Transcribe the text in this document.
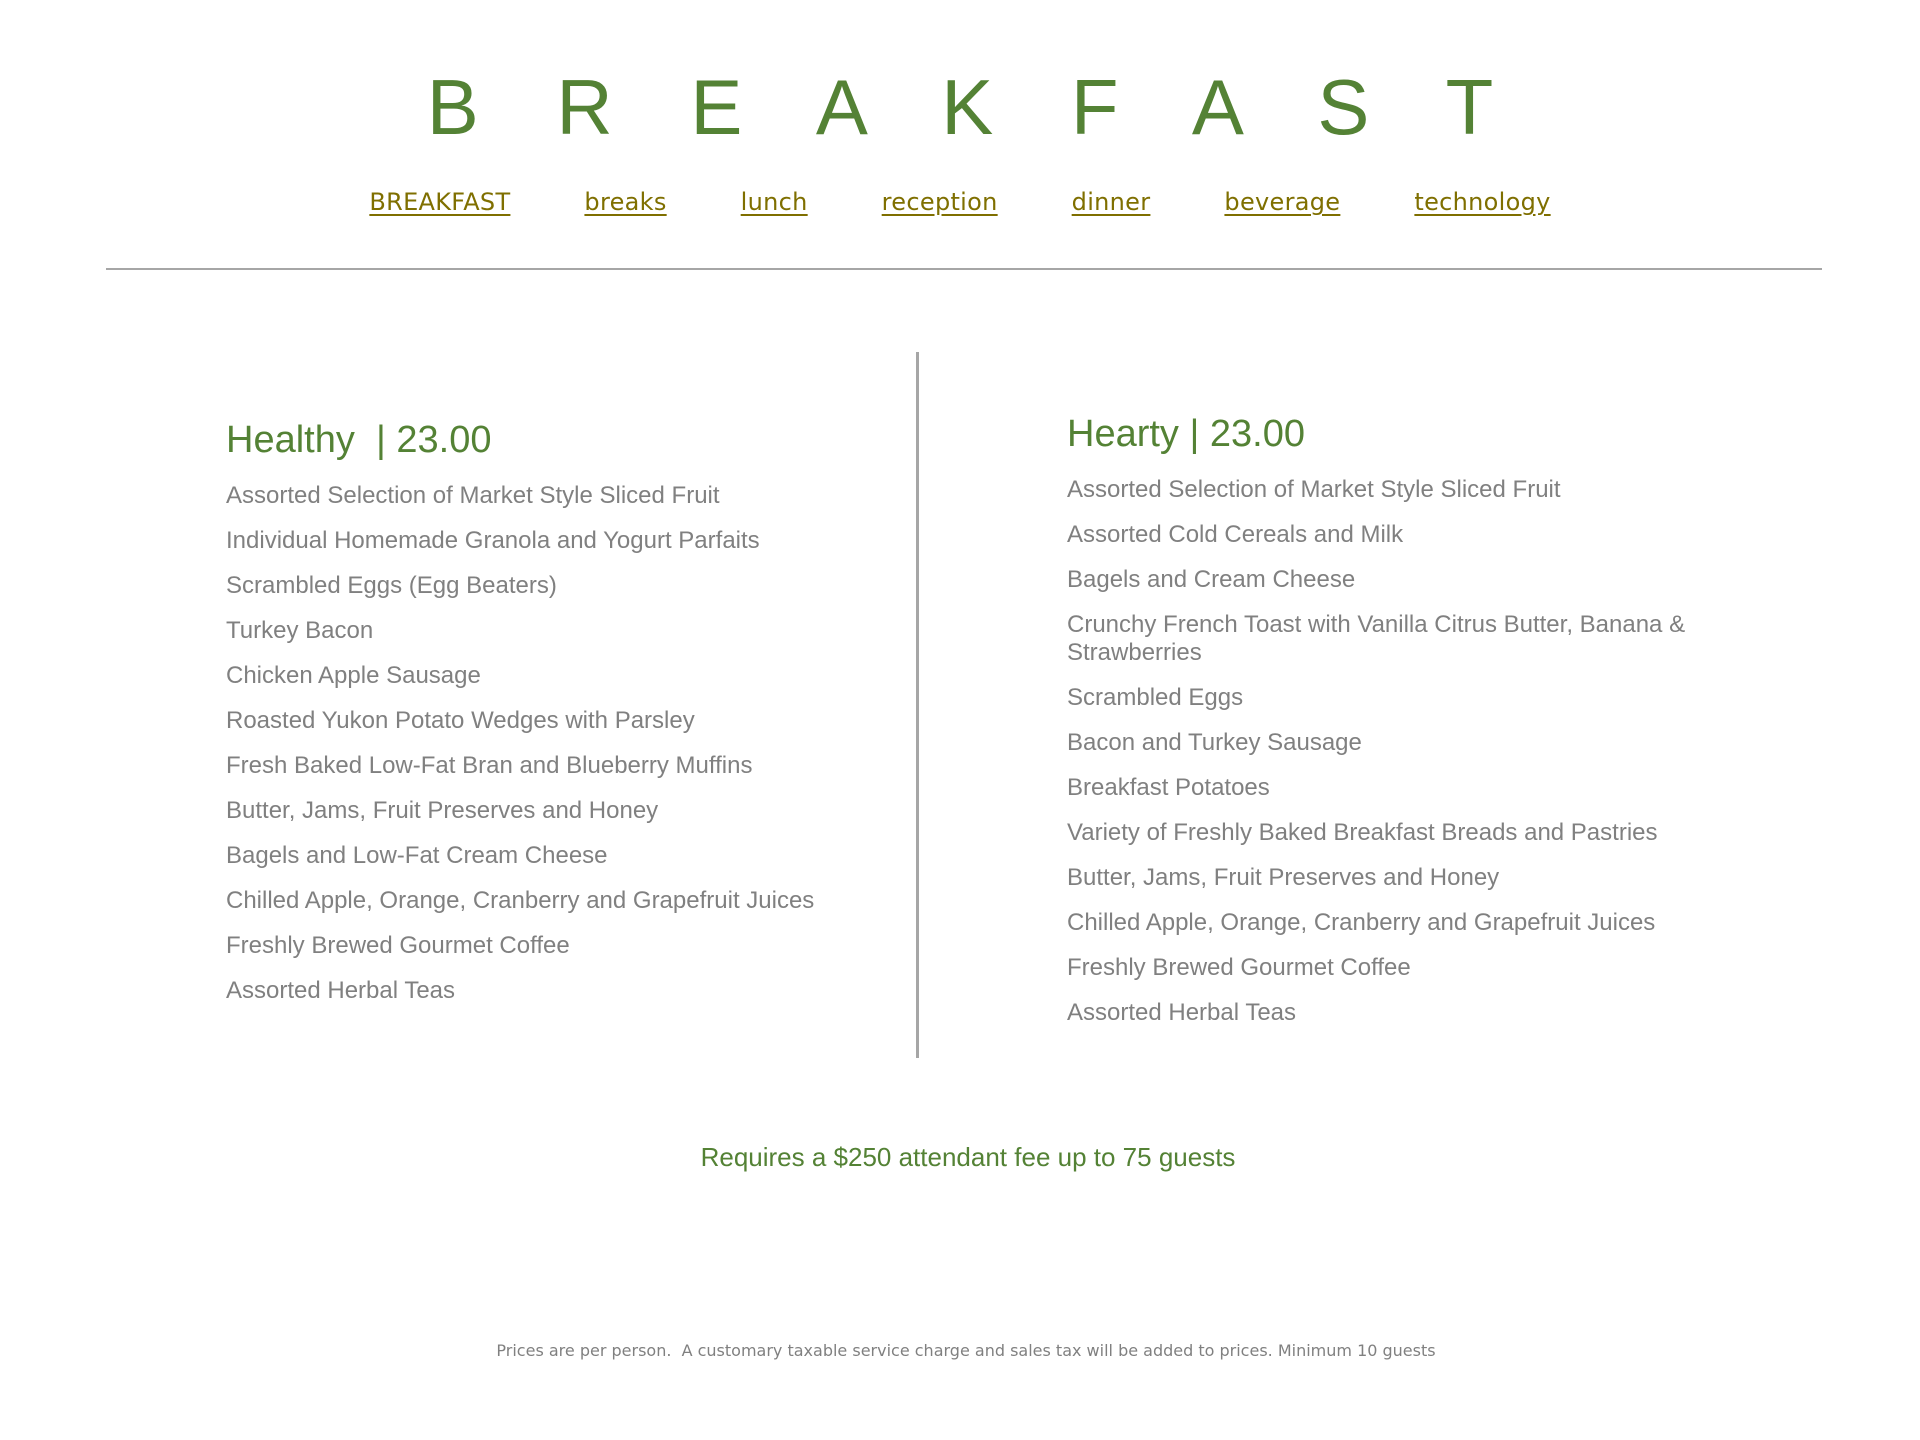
B R E A K F A S T
BREAKFAST	breaks	lunch	reception	dinner	beverage	technology
Healthy  | 23.00
Assorted Selection of Market Style Sliced Fruit
Individual Homemade Granola and Yogurt Parfaits
Scrambled Eggs (Egg Beaters)
Turkey Bacon
Chicken Apple Sausage
Roasted Yukon Potato Wedges with Parsley
Fresh Baked Low-Fat Bran and Blueberry Muffins
Butter, Jams, Fruit Preserves and Honey
Bagels and Low-Fat Cream Cheese
Chilled Apple, Orange, Cranberry and Grapefruit Juices
Freshly Brewed Gourmet Coffee
Assorted Herbal Teas
Hearty | 23.00
Assorted Selection of Market Style Sliced Fruit
Assorted Cold Cereals and Milk
Bagels and Cream Cheese
Crunchy French Toast with Vanilla Citrus Butter, Banana & Strawberries
Scrambled Eggs
Bacon and Turkey Sausage
Breakfast Potatoes
Variety of Freshly Baked Breakfast Breads and Pastries
Butter, Jams, Fruit Preserves and Honey
Chilled Apple, Orange, Cranberry and Grapefruit Juices
Freshly Brewed Gourmet Coffee
Assorted Herbal Teas
Requires a $250 attendant fee up to 75 guests
Prices are per person.  A customary taxable service charge and sales tax will be added to prices. Minimum 10 guests
